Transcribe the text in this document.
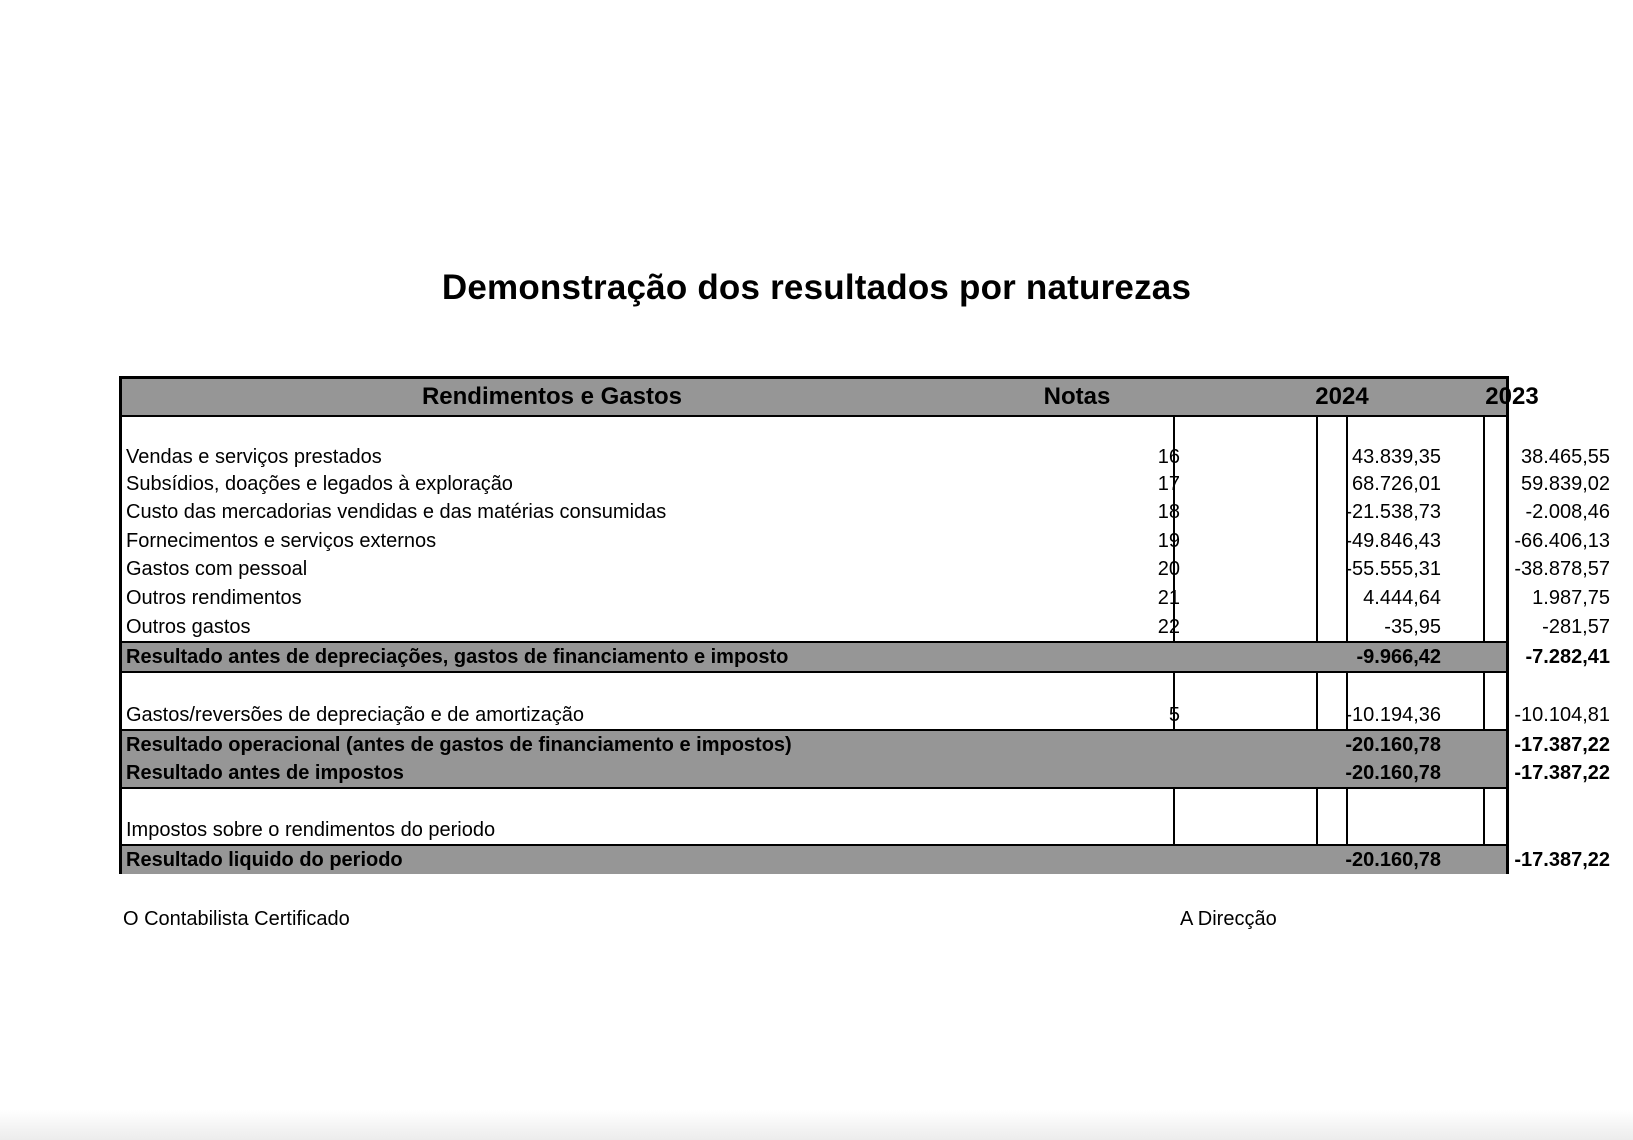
Demonstração dos resultados por naturezas
Rendimentos e Gastos	Notas	2024	2023
Vendas e serviços prestados	16	43.839,35	38.465,55
Subsídios, doações e legados à exploração	17	68.726,01	59.839,02
Custo das mercadorias vendidas e das matérias consumidas	18	-21.538,73	-2.008,46
Fornecimentos e serviços externos	19	-49.846,43	-66.406,13
Gastos com pessoal	20	-55.555,31	-38.878,57
Outros rendimentos	21	4.444,64	1.987,75
Outros gastos	22	-35,95	-281,57
Resultado antes de depreciações, gastos de financiamento e imposto	-9.966,42	-7.282,41
Gastos/reversões de depreciação e de amortização	5	-10.194,36	-10.104,81
Resultado operacional (antes de gastos de financiamento e impostos)	-20.160,78	-17.387,22
Resultado antes de impostos	-20.160,78	-17.387,22
Impostos sobre o rendimentos do periodo
Resultado liquido do periodo	-20.160,78	-17.387,22
O Contabilista Certificado	A Direcção
